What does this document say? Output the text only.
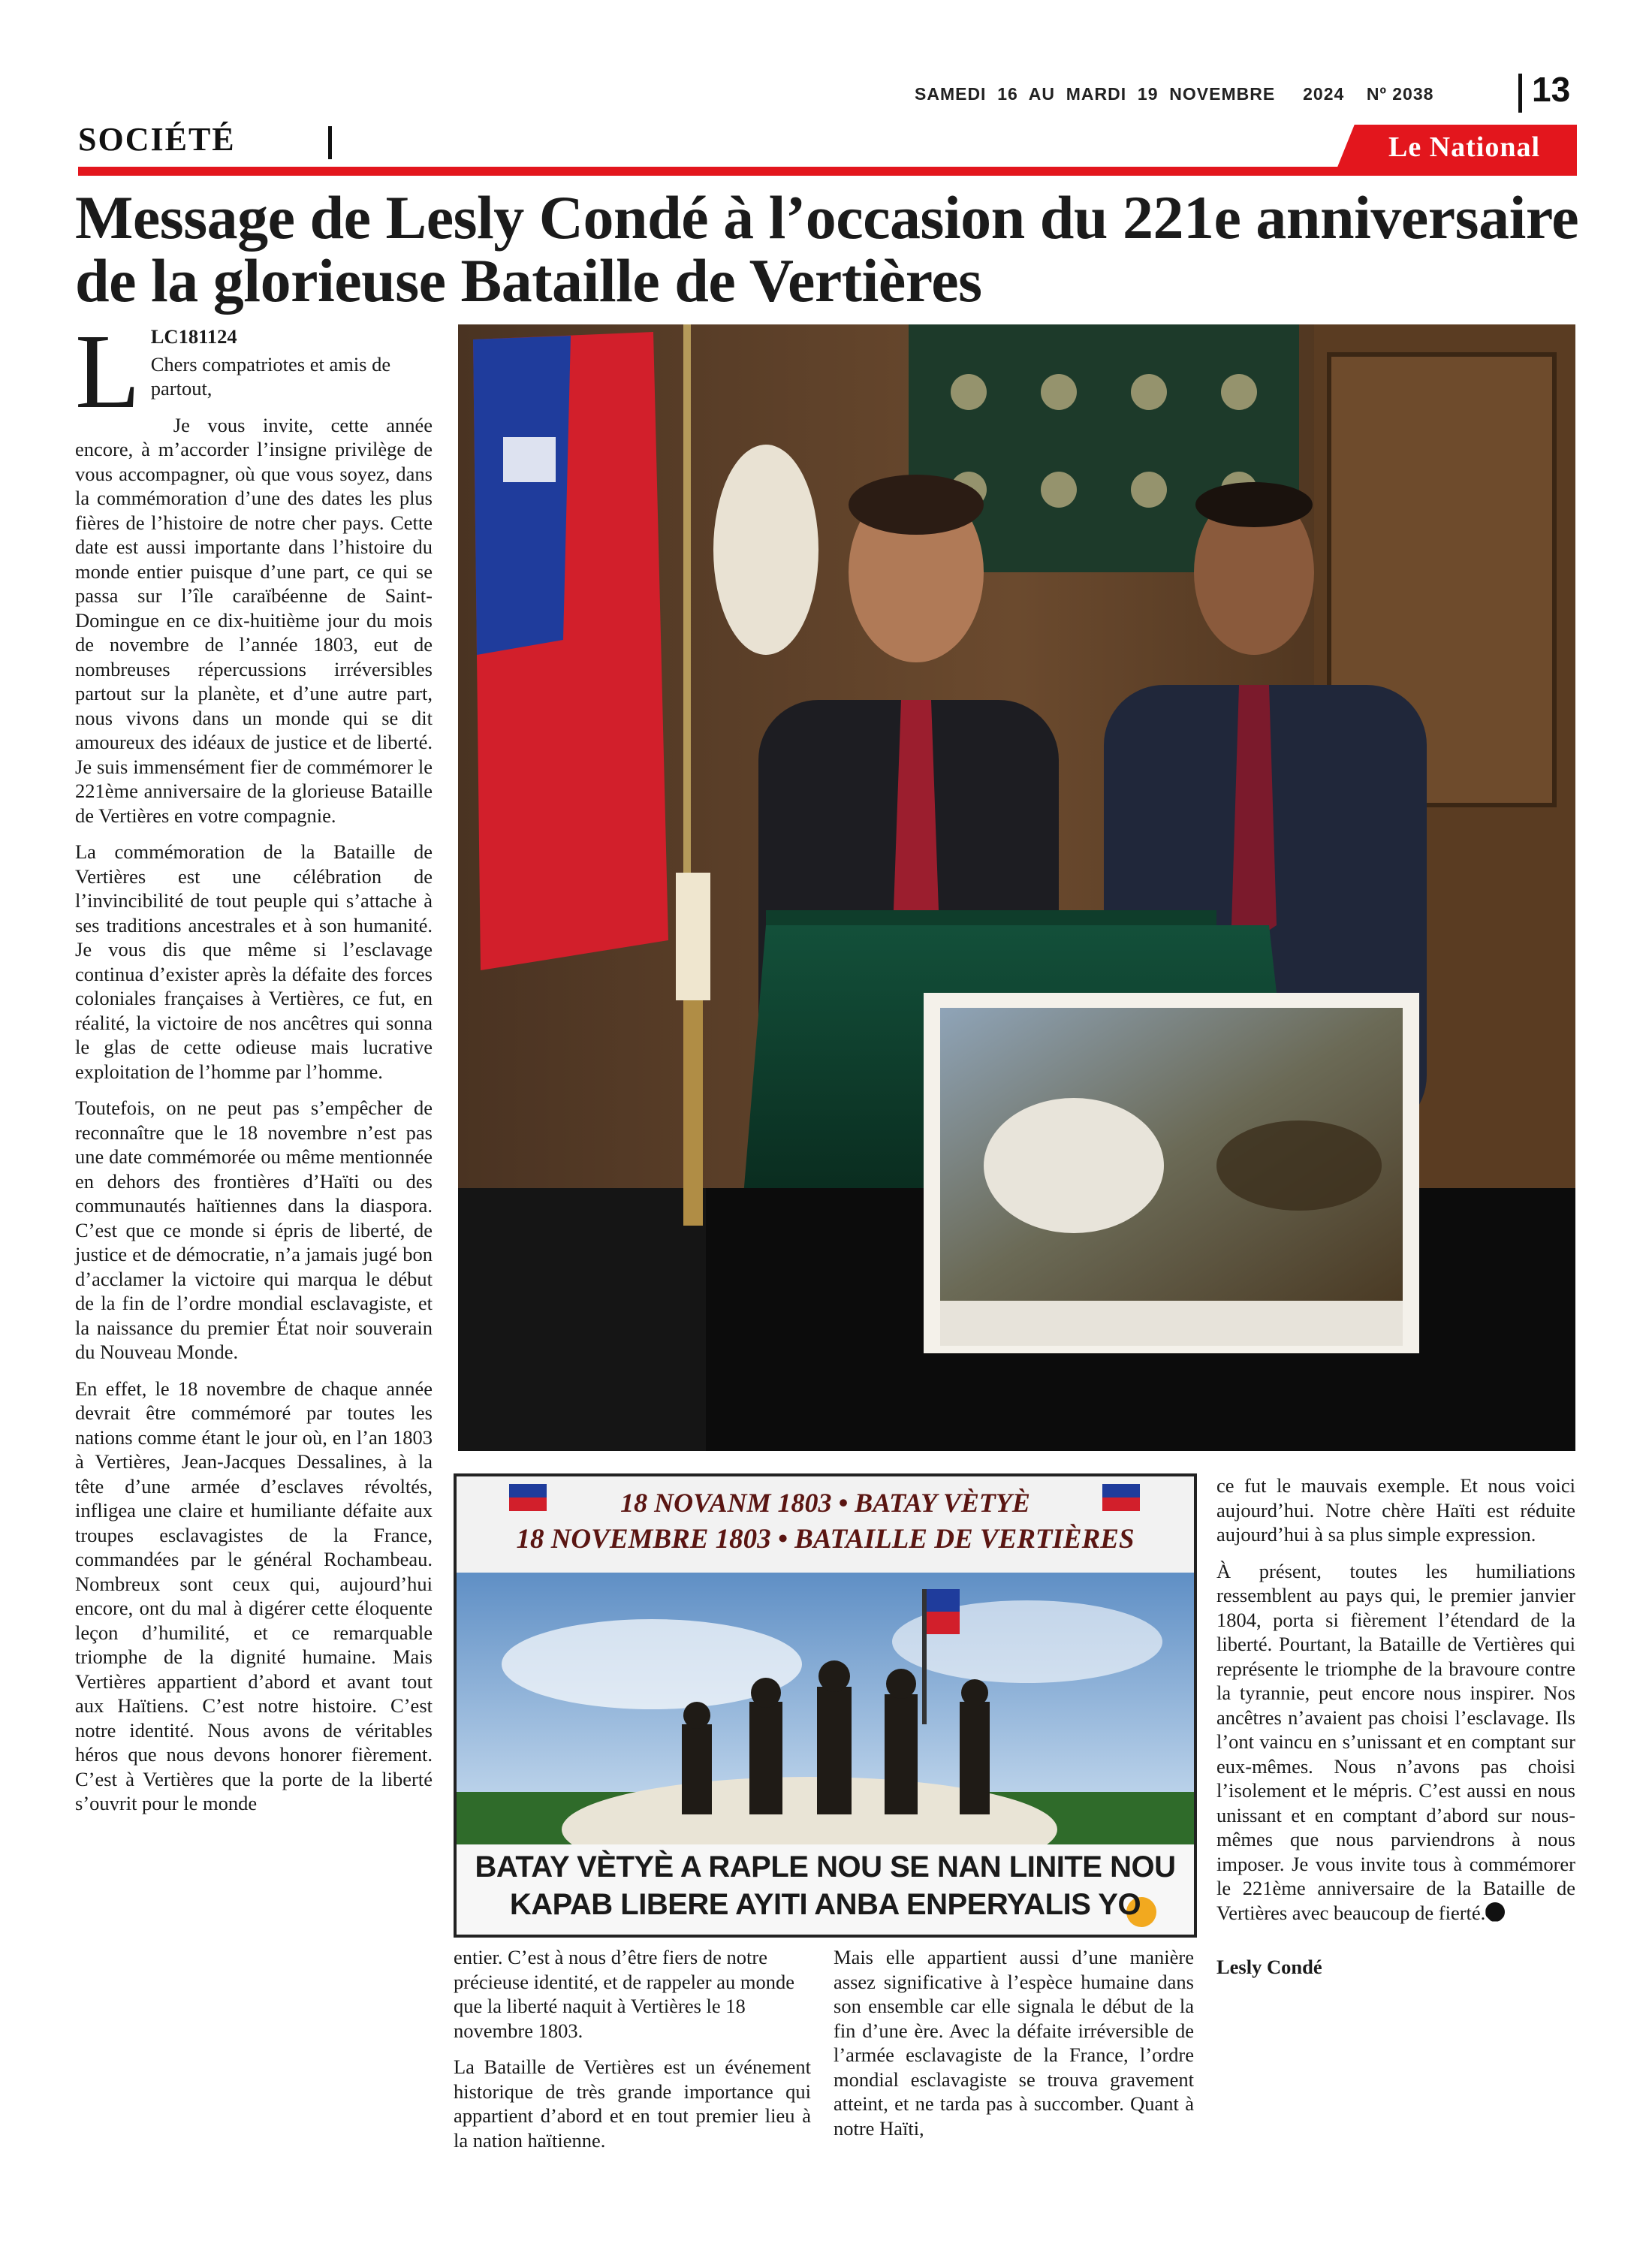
SAMEDI  16  AU  MARDI  19  NOVEMBRE     2024    Nº 2038	13
SOCIÉTÉ	Le National
Message de Lesly Condé à l’occasion du 221e anniversaire de la glorieuse Bataille de Vertières
L LC181124

Chers compatriotes et amis de partout,

Je vous invite, cette année encore, à m’accorder l’insigne privilège de vous accompagner, où que vous soyez, dans la commémoration d’une des dates les plus fières de l’histoire de notre cher pays. Cette date est aussi importante dans l’histoire du monde entier puisque d’une part, ce qui se passa sur l’île caraïbéenne de Saint-Domingue en ce dix-huitième jour du mois de novembre de l’année 1803, eut de nombreuses répercussions irréversibles partout sur la planète, et d’une autre part, nous vivons dans un monde qui se dit amoureux des idéaux de justice et de liberté. Je suis immensément fier de commémorer le 221ème anniversaire de la glorieuse Bataille de Vertières en votre compagnie.

La commémoration de la Bataille de Vertières est une célébration de l’invincibilité de tout peuple qui s’attache à ses traditions ancestrales et à son humanité. Je vous dis que même si l’esclavage continua d’exister après la défaite des forces coloniales françaises à Vertières, ce fut, en réalité, la victoire de nos ancêtres qui sonna le glas de cette odieuse mais lucrative exploitation de l’homme par l’homme.

Toutefois, on ne peut pas s’empêcher de reconnaître que le 18 novembre n’est pas une date commémorée ou même mentionnée en dehors des frontières d’Haïti ou des communautés haïtiennes dans la diaspora. C’est que ce monde si épris de liberté, de justice et de démocratie, n’a jamais jugé bon d’acclamer la victoire qui marqua le début de la fin de l’ordre mondial esclavagiste, et la naissance du premier État noir souverain du Nouveau Monde.

En effet, le 18 novembre de chaque année devrait être commémoré par toutes les nations comme étant le jour où, en l’an 1803 à Vertières, Jean-Jacques Dessalines, à la tête d’une armée d’esclaves révoltés, infligea une claire et humiliante défaite aux troupes esclavagistes de la France, commandées par le général Rochambeau. Nombreux sont ceux qui, aujourd’hui encore, ont du mal à digérer cette éloquente leçon d’humilité, et ce remarquable triomphe de la dignité humaine. Mais Vertières appartient d’abord et avant tout aux Haïtiens. C’est notre histoire. C’est notre identité. Nous avons de véritables héros que nous devons honorer fièrement. C’est à Vertières que la porte de la liberté s’ouvrit pour le monde

18 NOVANM 1803 • BATAY VÈTYÈ
18 NOVEMBRE 1803 • BATAILLE DE VERTIÈRES
BATAY VÈTYÈ A RAPLE NOU SE NAN LINITE NOU
KAPAB LIBERE AYITI ANBA ENPERYALIS YO

entier. C’est à nous d’être fiers de notre précieuse identité, et de rappeler au monde que la liberté naquit à Vertières le 18 novembre 1803.

La Bataille de Vertières est un événement historique de très grande importance qui appartient d’abord et en tout premier lieu à la nation haïtienne.

Mais elle appartient aussi d’une manière assez significative à l’espèce humaine dans son ensemble car elle signala le début de la fin d’une ère. Avec la défaite irréversible de l’armée esclavagiste de la France, l’ordre mondial esclavagiste se trouva gravement atteint, et ne tarda pas à succomber. Quant à notre Haïti,

ce fut le mauvais exemple. Et nous voici aujourd’hui. Notre chère Haïti est réduite aujourd’hui à sa plus simple expression.

À présent, toutes les humiliations ressemblent au pays qui, le premier janvier 1804, porta si fièrement l’étendard de la liberté. Pourtant, la Bataille de Vertières qui représente le triomphe de la bravoure contre la tyrannie, peut encore nous inspirer. Nos ancêtres n’avaient pas choisi l’esclavage. Ils l’ont vaincu en s’unissant et en comptant sur eux-mêmes. Nous n’avons pas choisi l’isolement et le mépris. C’est aussi en nous unissant et en comptant d’abord sur nous-mêmes que nous parviendrons à nous imposer. Je vous invite tous à commémorer le 221ème anniversaire de la Bataille de Vertières avec beaucoup de fierté.

Lesly Condé
